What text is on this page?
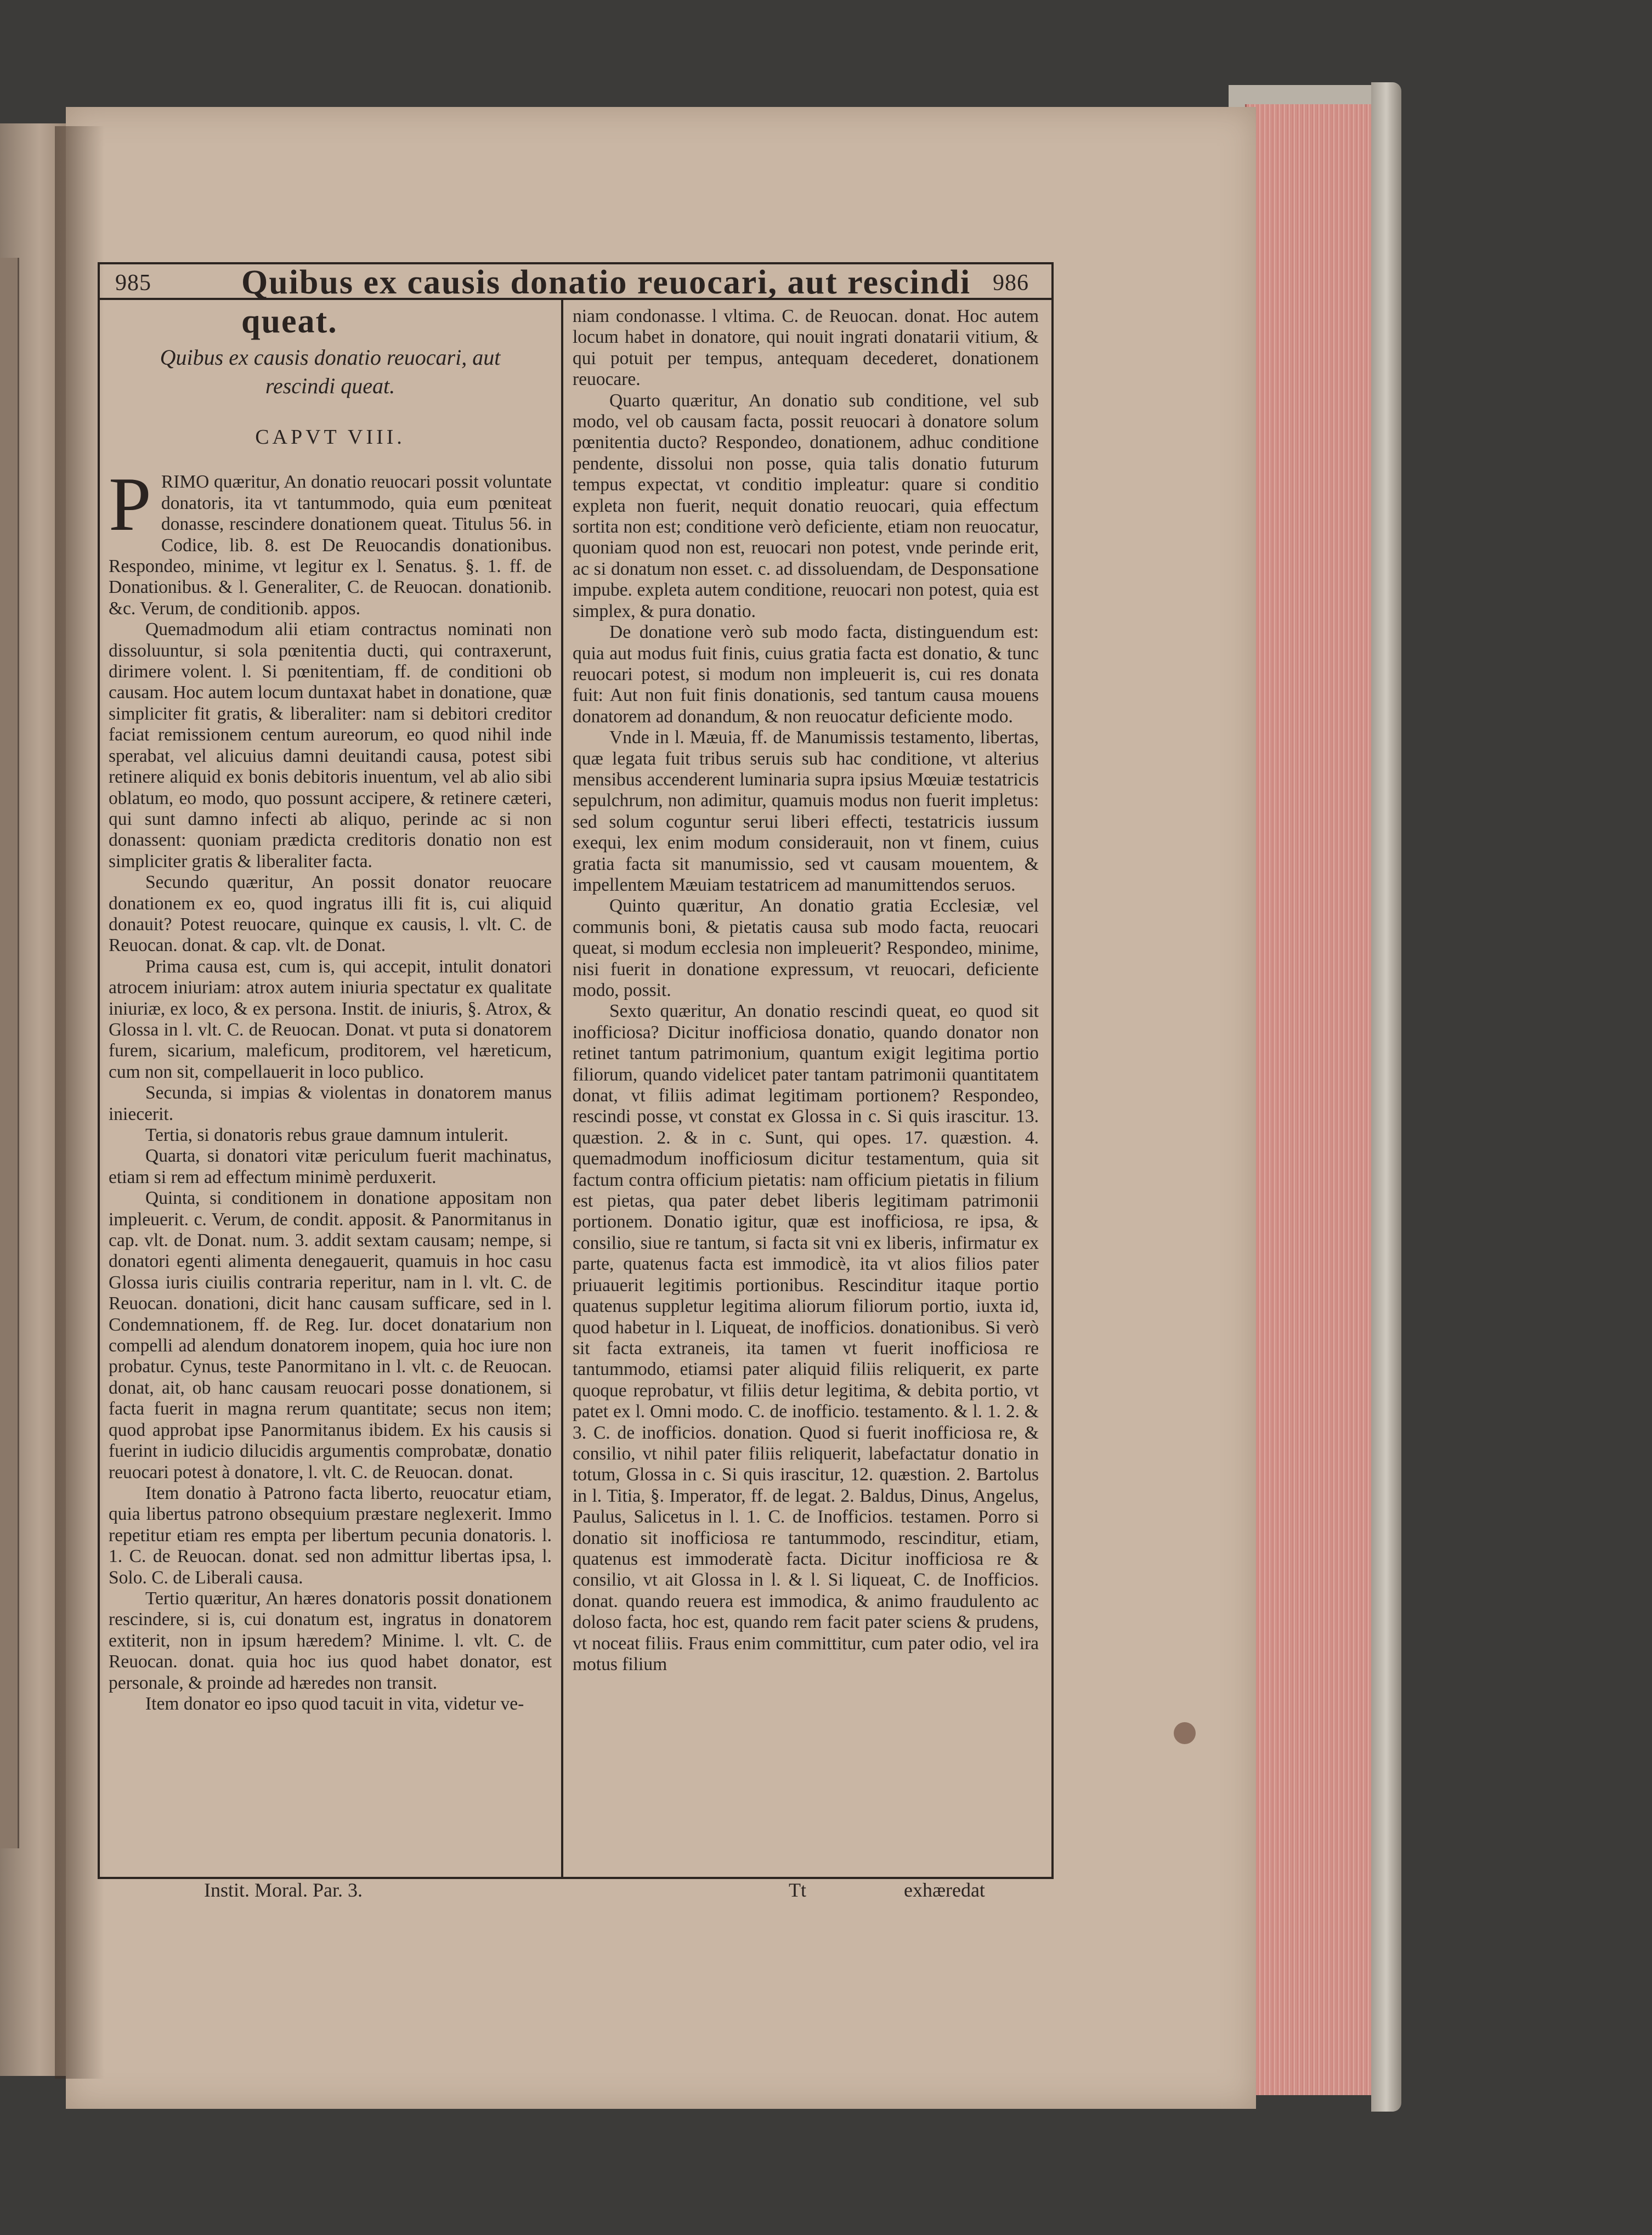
985	Quibus ex causis donatio reuocari, aut rescindi queat.
986
Quibus ex causis donatio reuocari, aut rescindi queat.
CAPVT VIII.

PRIMO quæritur, An donatio reuocari possit voluntate donatoris, ita vt tantummodo, quia eum pœniteat donasse, rescindere donationem queat. Titulus 56. in Codice, lib. 8. est De Reuocandis donationibus. Respondeo, minime, vt legitur ex l. Senatus. §. 1. ff. de Donationibus. & l. Generaliter, C. de Reuocan. donationib. &c. Verum, de conditionib. appos.

Quemadmodum alii etiam contractus nominati non dissoluuntur, si sola pœnitentia ducti, qui contraxerunt, dirimere volent. l. Si pœnitentiam, ff. de conditioni ob causam. Hoc autem locum duntaxat habet in donatione, quæ simpliciter fit gratis, & liberaliter: nam si debitori creditor faciat remissionem centum aureorum, eo quod nihil inde sperabat, vel alicuius damni deuitandi causa, potest sibi retinere aliquid ex bonis debitoris inuentum, vel ab alio sibi oblatum, eo modo, quo possunt accipere, & retinere cæteri, qui sunt damno infecti ab aliquo, perinde ac si non donassent: quoniam prædicta creditoris donatio non est simpliciter gratis & liberaliter facta.

Secundo quæritur, An possit donator reuocare donationem ex eo, quod ingratus illi fit is, cui aliquid donauit? Potest reuocare, quinque ex causis, l. vlt. C. de Reuocan. donat. & cap. vlt. de Donat.

Prima causa est, cum is, qui accepit, intulit donatori atrocem iniuriam: atrox autem iniuria spectatur ex qualitate iniuriæ, ex loco, & ex persona. Instit. de iniuris, §. Atrox, & Glossa in l. vlt. C. de Reuocan. Donat. vt puta si donatorem furem, sicarium, maleficum, proditorem, vel hæreticum, cum non sit, compellauerit in loco publico.

Secunda, si impias & violentas in donatorem manus iniecerit.

Tertia, si donatoris rebus graue damnum intulerit.

Quarta, si donatori vitæ periculum fuerit machinatus, etiam si rem ad effectum minimè perduxerit.

Quinta, si conditionem in donatione appositam non impleuerit. c. Verum, de condit. apposit. & Panormitanus in cap. vlt. de Donat. num. 3. addit sextam causam; nempe, si donatori egenti alimenta denegauerit, quamuis in hoc casu Glossa iuris ciuilis contraria reperitur, nam in l. vlt. C. de Reuocan. donationi, dicit hanc causam sufficare, sed in l. Condemnationem, ff. de Reg. Iur. docet donatarium non compelli ad alendum donatorem inopem, quia hoc iure non probatur. Cynus, teste Panormitano in l. vlt. c. de Reuocan. donat, ait, ob hanc causam reuocari posse donationem, si facta fuerit in magna rerum quantitate; secus non item; quod approbat ipse Panormitanus ibidem. Ex his causis si fuerint in iudicio dilucidis argumentis comprobatæ, donatio reuocari potest à donatore, l. vlt. C. de Reuocan. donat.

Item donatio à Patrono facta liberto, reuocatur etiam, quia libertus patrono obsequium præstare neglexerit. Immo repetitur etiam res empta per libertum pecunia donatoris. l. 1. C. de Reuocan. donat. sed non admittur libertas ipsa, l. Solo. C. de Liberali causa.

Tertio quæritur, An hæres donatoris possit donationem rescindere, si is, cui donatum est, ingratus in donatorem extiterit, non in ipsum hæredem? Minime. l. vlt. C. de Reuocan. donat. quia hoc ius quod habet donator, est personale, & proinde ad hæredes non transit.

Item donator eo ipso quod tacuit in vita, videtur ve-

niam condonasse. l vltima. C. de Reuocan. donat. Hoc autem locum habet in donatore, qui nouit ingrati donatarii vitium, & qui potuit per tempus, antequam decederet, donationem reuocare.

Quarto quæritur, An donatio sub conditione, vel sub modo, vel ob causam facta, possit reuocari à donatore solum pœnitentia ducto? Respondeo, donationem, adhuc conditione pendente, dissolui non posse, quia talis donatio futurum tempus expectat, vt conditio impleatur: quare si conditio expleta non fuerit, nequit donatio reuocari, quia effectum sortita non est; conditione verò deficiente, etiam non reuocatur, quoniam quod non est, reuocari non potest, vnde perinde erit, ac si donatum non esset. c. ad dissoluendam, de Desponsatione impube. expleta autem conditione, reuocari non potest, quia est simplex, & pura donatio.

De donatione verò sub modo facta, distinguendum est: quia aut modus fuit finis, cuius gratia facta est donatio, & tunc reuocari potest, si modum non impleuerit is, cui res donata fuit: Aut non fuit finis donationis, sed tantum causa mouens donatorem ad donandum, & non reuocatur deficiente modo.

Vnde in l. Mæuia, ff. de Manumissis testamento, libertas, quæ legata fuit tribus seruis sub hac conditione, vt alterius mensibus accenderent luminaria supra ipsius Mœuiæ testatricis sepulchrum, non adimitur, quamuis modus non fuerit impletus: sed solum coguntur serui liberi effecti, testatricis iussum exequi, lex enim modum considerauit, non vt finem, cuius gratia facta sit manumissio, sed vt causam mouentem, & impellentem Mæuiam testatricem ad manumittendos seruos.

Quinto quæritur, An donatio gratia Ecclesiæ, vel communis boni, & pietatis causa sub modo facta, reuocari queat, si modum ecclesia non impleuerit? Respondeo, minime, nisi fuerit in donatione expressum, vt reuocari, deficiente modo, possit.

Sexto quæritur, An donatio rescindi queat, eo quod sit inofficiosa? Dicitur inofficiosa donatio, quando donator non retinet tantum patrimonium, quantum exigit legitima portio filiorum, quando videlicet pater tantam patrimonii quantitatem donat, vt filiis adimat legitimam portionem? Respondeo, rescindi posse, vt constat ex Glossa in c. Si quis irascitur. 13. quæstion. 2. & in c. Sunt, qui opes. 17. quæstion. 4. quemadmodum inofficiosum dicitur testamentum, quia sit factum contra officium pietatis: nam officium pietatis in filium est pietas, qua pater debet liberis legitimam patrimonii portionem. Donatio igitur, quæ est inofficiosa, re ipsa, & consilio, siue re tantum, si facta sit vni ex liberis, infirmatur ex parte, quatenus facta est immodicè, ita vt alios filios pater priuauerit legitimis portionibus. Rescinditur itaque portio quatenus suppletur legitima aliorum filiorum portio, iuxta id, quod habetur in l. Liqueat, de inofficios. donationibus. Si verò sit facta extraneis, ita tamen vt fuerit inofficiosa re tantummodo, etiamsi pater aliquid filiis reliquerit, ex parte quoque reprobatur, vt filiis detur legitima, & debita portio, vt patet ex l. Omni modo. C. de inofficio. testamento. & l. 1. 2. & 3. C. de inofficios. donation. Quod si fuerit inofficiosa re, & consilio, vt nihil pater filiis reliquerit, labefactatur donatio in totum, Glossa in c. Si quis irascitur, 12. quæstion. 2. Bartolus in l. Titia, §. Imperator, ff. de legat. 2. Baldus, Dinus, Angelus, Paulus, Salicetus in l. 1. C. de Inofficios. testamen. Porro si donatio sit inofficiosa re tantummodo, rescinditur, etiam, quatenus est immoderatè facta. Dicitur inofficiosa re & consilio, vt ait Glossa in l. & l. Si liqueat, C. de Inofficios. donat. quando reuera est immodica, & animo fraudulento ac doloso facta, hoc est, quando rem facit pater sciens & prudens, vt noceat filiis. Fraus enim committitur, cum pater odio, vel ira motus filium

Instit. Moral. Par. 3.	Tt	exhæredat
